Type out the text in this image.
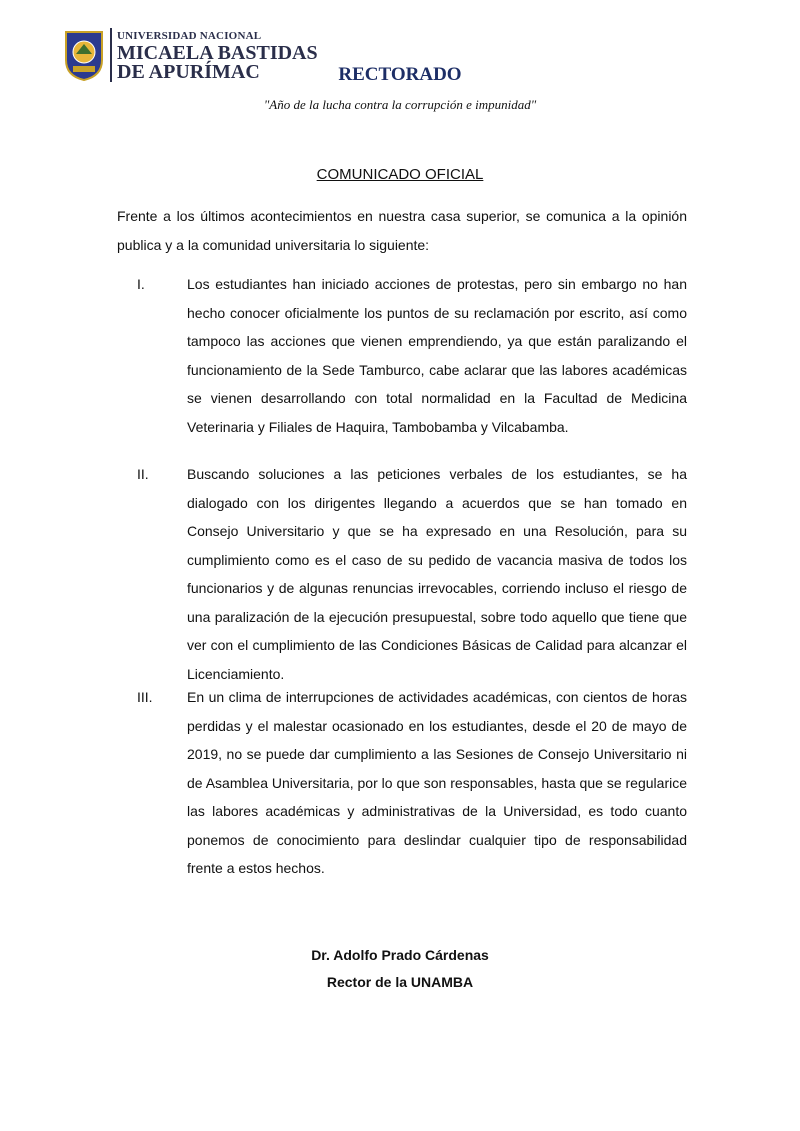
UNIVERSIDAD NACIONAL
MICAELA BASTIDAS
DE APURÍMAC	RECTORADO
"Año de la lucha contra la corrupción e impunidad"
COMUNICADO OFICIAL
Frente a los últimos acontecimientos en nuestra casa superior, se comunica a la opinión publica y a la comunidad universitaria lo siguiente:
I.	Los estudiantes han iniciado acciones de protestas, pero sin embargo no han hecho conocer oficialmente los puntos de su reclamación por escrito, así como tampoco las acciones que vienen emprendiendo, ya que están paralizando el funcionamiento de la Sede Tamburco, cabe aclarar que las labores académicas se vienen desarrollando con total normalidad en la Facultad de Medicina Veterinaria y Filiales de Haquira, Tambobamba y Vilcabamba.
II.	Buscando soluciones a las peticiones verbales de los estudiantes, se ha dialogado con los dirigentes llegando a acuerdos que se han tomado en Consejo Universitario y que se ha expresado en una Resolución, para su cumplimiento como es el caso de su pedido de vacancia masiva de todos los funcionarios y de algunas renuncias irrevocables, corriendo incluso el riesgo de una paralización de la ejecución presupuestal, sobre todo aquello que tiene que ver con el cumplimiento de las Condiciones Básicas de Calidad para alcanzar el Licenciamiento.
III. En un clima de interrupciones de actividades académicas, con cientos de horas perdidas y el malestar ocasionado en los estudiantes, desde el 20 de mayo de 2019, no se puede dar cumplimiento a las Sesiones de Consejo Universitario ni de Asamblea Universitaria, por lo que son responsables, hasta que se regularice las labores académicas y administrativas de la Universidad, es todo cuanto ponemos de conocimiento para deslindar cualquier tipo de responsabilidad frente a estos hechos.
Dr. Adolfo Prado Cárdenas
Rector de la UNAMBA
